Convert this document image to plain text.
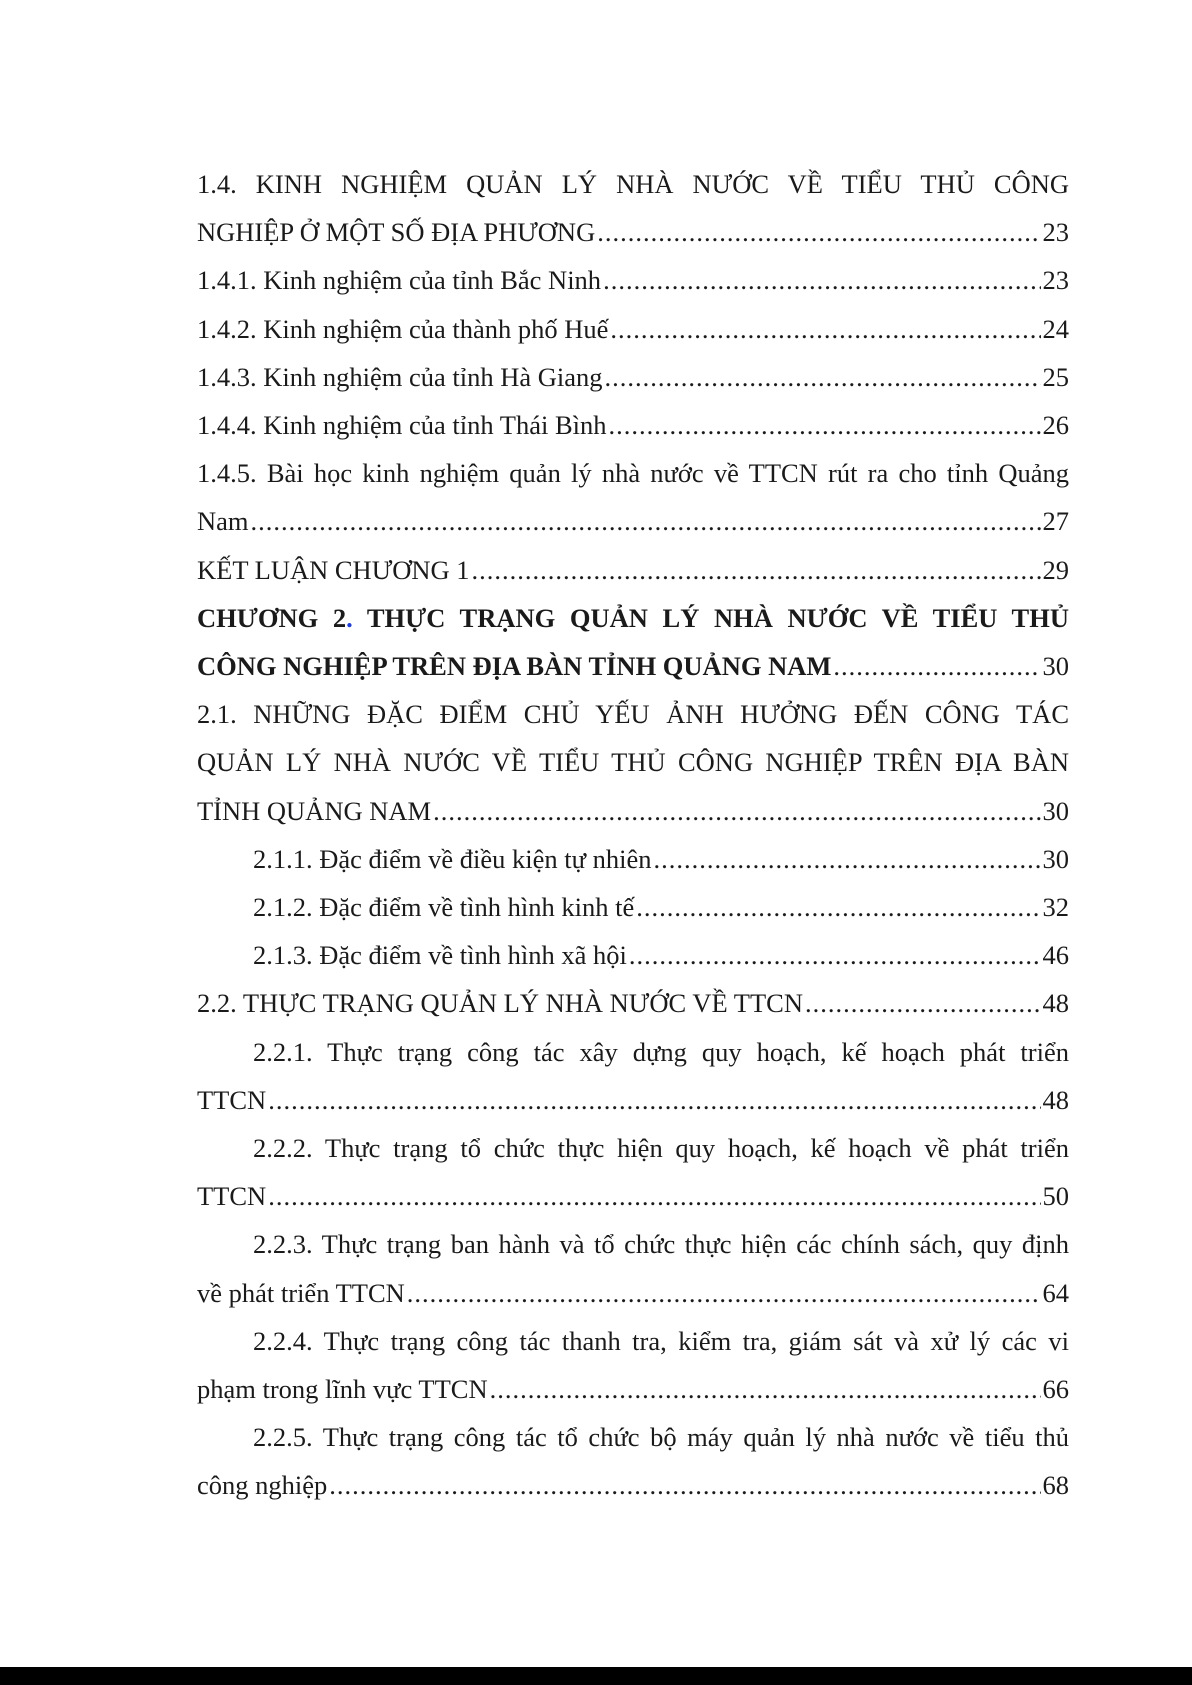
1.4. KINH NGHIỆM QUẢN LÝ NHÀ NƯỚC VỀ TIỂU THỦ CÔNG
NGHIỆP Ở MỘT SỐ ĐỊA PHƯƠNG .....	23
1.4.1. Kinh nghiệm của tỉnh Bắc Ninh .....	23
1.4.2. Kinh nghiệm của thành phố Huế .....	24
1.4.3. Kinh nghiệm của tỉnh Hà Giang .....	25
1.4.4. Kinh nghiệm của tỉnh Thái Bình .....	26
1.4.5. Bài học kinh nghiệm quản lý nhà nước về TTCN rút ra cho tỉnh Quảng
Nam .....	27
KẾT LUẬN CHƯƠNG 1 .....	29
CHƯƠNG 2. THỰC TRẠNG QUẢN LÝ NHÀ NƯỚC VỀ TIỂU THỦ
CÔNG NGHIỆP TRÊN ĐỊA BÀN TỈNH QUẢNG NAM .....	30
2.1. NHỮNG ĐẶC ĐIỂM CHỦ YẾU ẢNH HƯỞNG ĐẾN CÔNG TÁC
QUẢN LÝ NHÀ NƯỚC VỀ TIỂU THỦ CÔNG NGHIỆP TRÊN ĐỊA BÀN
TỈNH QUẢNG NAM .....	30
2.1.1. Đặc điểm về điều kiện tự nhiên .....	30
2.1.2. Đặc điểm về tình hình kinh tế .....	32
2.1.3. Đặc điểm về tình hình xã hội .....	46
2.2. THỰC TRẠNG QUẢN LÝ NHÀ NƯỚC VỀ TTCN .....	48
2.2.1. Thực trạng công tác xây dựng quy hoạch, kế hoạch phát triển
TTCN .....	48
2.2.2. Thực trạng tổ chức thực hiện quy hoạch, kế hoạch về phát triển
TTCN .....	50
2.2.3. Thực trạng ban hành và tổ chức thực hiện các chính sách, quy định
về phát triển TTCN .....	64
2.2.4. Thực trạng công tác thanh tra, kiểm tra, giám sát và xử lý các vi
phạm trong lĩnh vực TTCN .....	66
2.2.5. Thực trạng công tác tổ chức bộ máy quản lý nhà nước về tiểu thủ
công nghiệp .....	68
